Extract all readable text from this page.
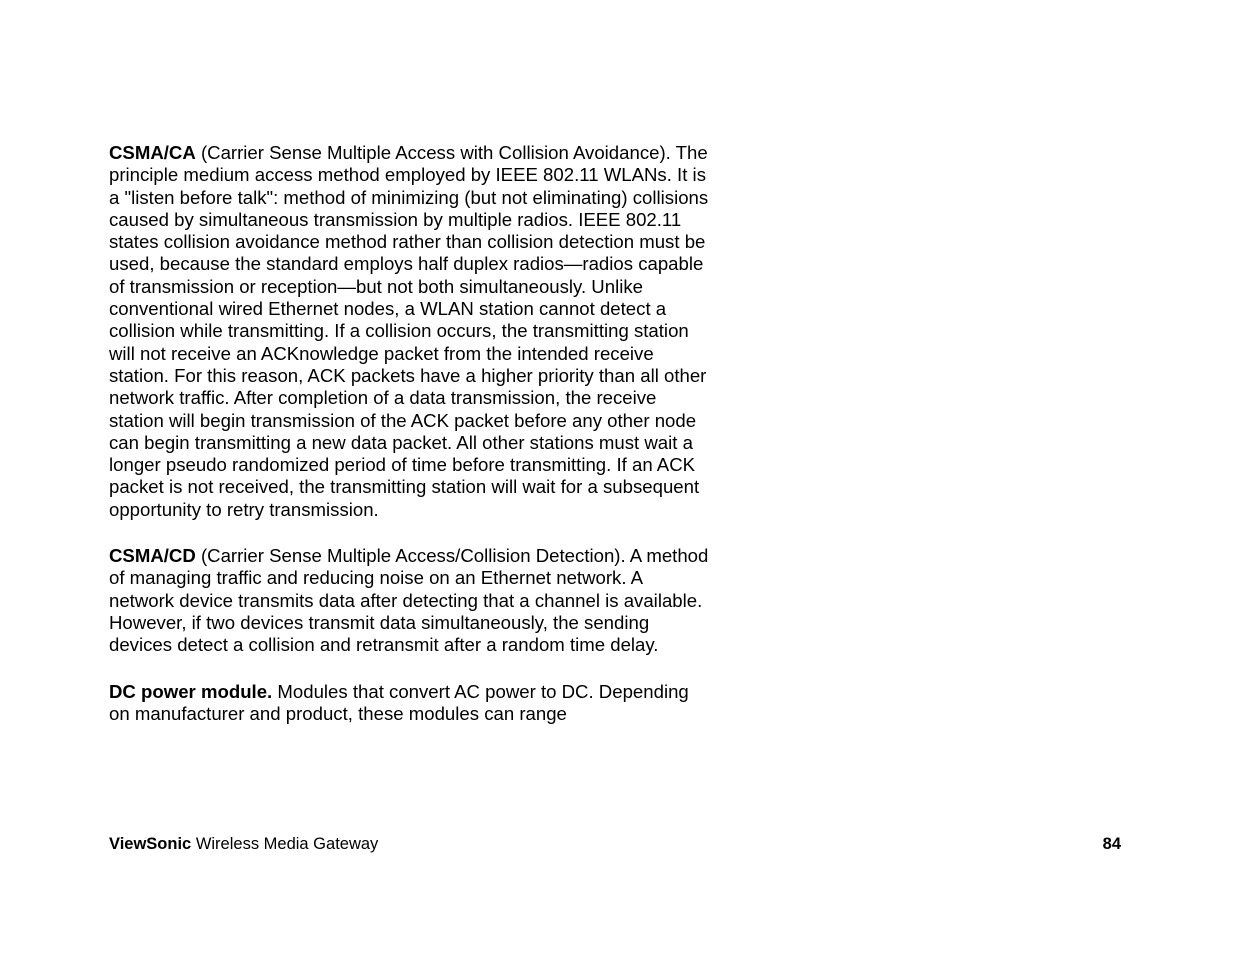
CSMA/CA (Carrier Sense Multiple Access with Collision Avoidance). The principle medium access method employed by IEEE 802.11 WLANs. It is a "listen before talk": method of minimizing (but not eliminating) collisions caused by simultaneous transmission by multiple radios. IEEE 802.11 states collision avoidance method rather than collision detection must be used, because the standard employs half duplex radios—radios capable of transmission or reception—but not both simultaneously. Unlike conventional wired Ethernet nodes, a WLAN station cannot detect a collision while transmitting. If a collision occurs, the transmitting station will not receive an ACKnowledge packet from the intended receive station. For this reason, ACK packets have a higher priority than all other network traffic. After completion of a data transmission, the receive station will begin transmission of the ACK packet before any other node can begin transmitting a new data packet. All other stations must wait a longer pseudo randomized period of time before transmitting. If an ACK packet is not received, the transmitting station will wait for a subsequent opportunity to retry transmission.

CSMA/CD (Carrier Sense Multiple Access/Collision Detection). A method of managing traffic and reducing noise on an Ethernet network. A network device transmits data after detecting that a channel is available. However, if two devices transmit data simultaneously, the sending devices detect a collision and retransmit after a random time delay.

DC power module. Modules that convert AC power to DC. Depending on manufacturer and product, these modules can range

ViewSonic Wireless Media Gateway	84
